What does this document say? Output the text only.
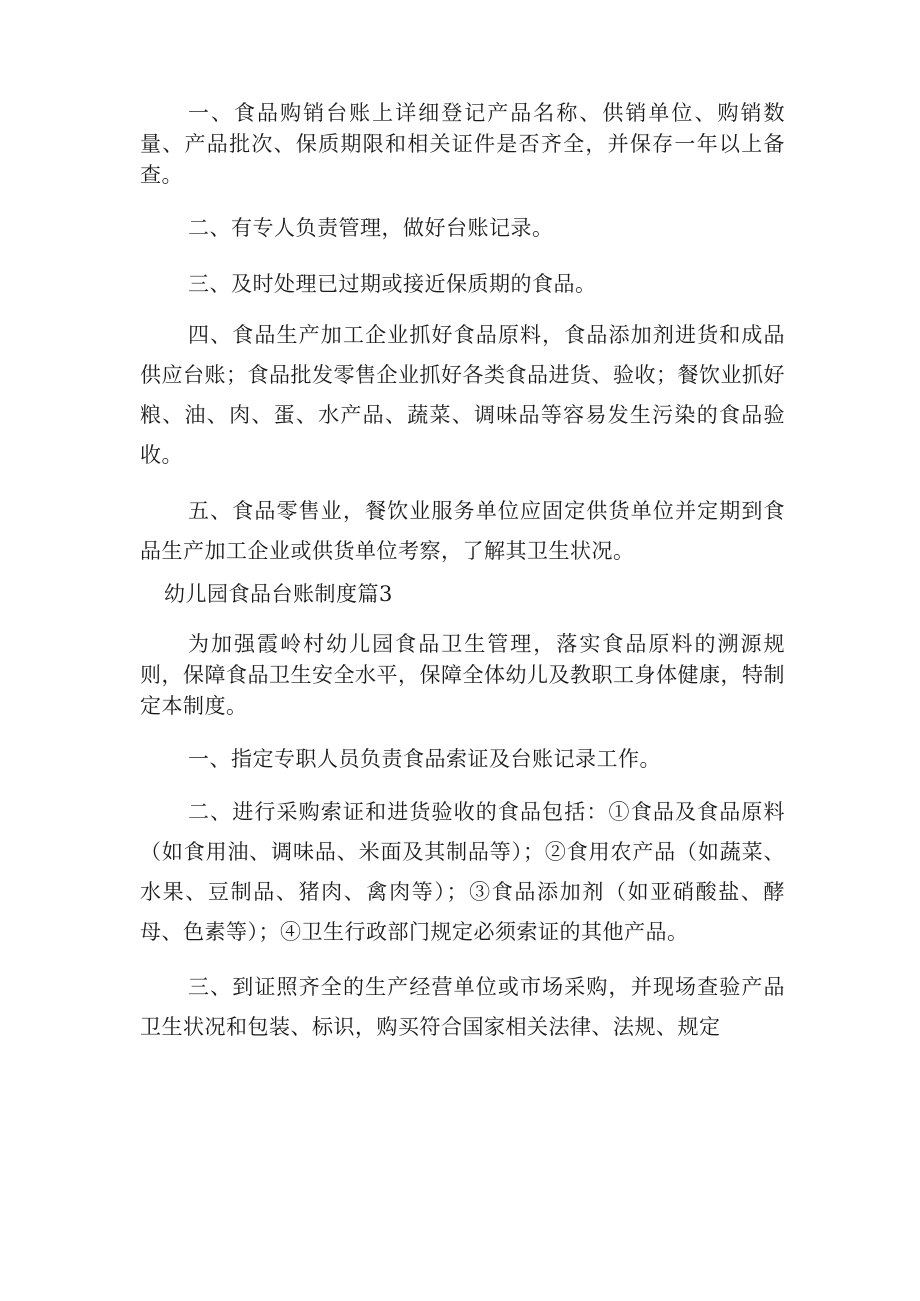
一、食品购销台账上详细登记产品名称、供销单位、购销数量、产品批次、保质期限和相关证件是否齐全，并保存一年以上备查。

二、有专人负责管理，做好台账记录。

三、及时处理已过期或接近保质期的食品。

四、食品生产加工企业抓好食品原料，食品添加剂进货和成品供应台账；食品批发零售企业抓好各类食品进货、验收；餐饮业抓好粮、油、肉、蛋、水产品、蔬菜、调味品等容易发生污染的食品验收。

五、食品零售业，餐饮业服务单位应固定供货单位并定期到食品生产加工企业或供货单位考察，了解其卫生状况。

幼儿园食品台账制度篇3

为加强霞岭村幼儿园食品卫生管理，落实食品原料的溯源规则，保障食品卫生安全水平，保障全体幼儿及教职工身体健康，特制定本制度。

一、指定专职人员负责食品索证及台账记录工作。

二、进行采购索证和进货验收的食品包括：①食品及食品原料（如食用油、调味品、米面及其制品等）；②食用农产品（如蔬菜、水果、豆制品、猪肉、禽肉等）；③食品添加剂（如亚硝酸盐、酵母、色素等）；④卫生行政部门规定必须索证的其他产品。

三、到证照齐全的生产经营单位或市场采购，并现场查验产品卫生状况和包装、标识，购买符合国家相关法律、法规、规定
